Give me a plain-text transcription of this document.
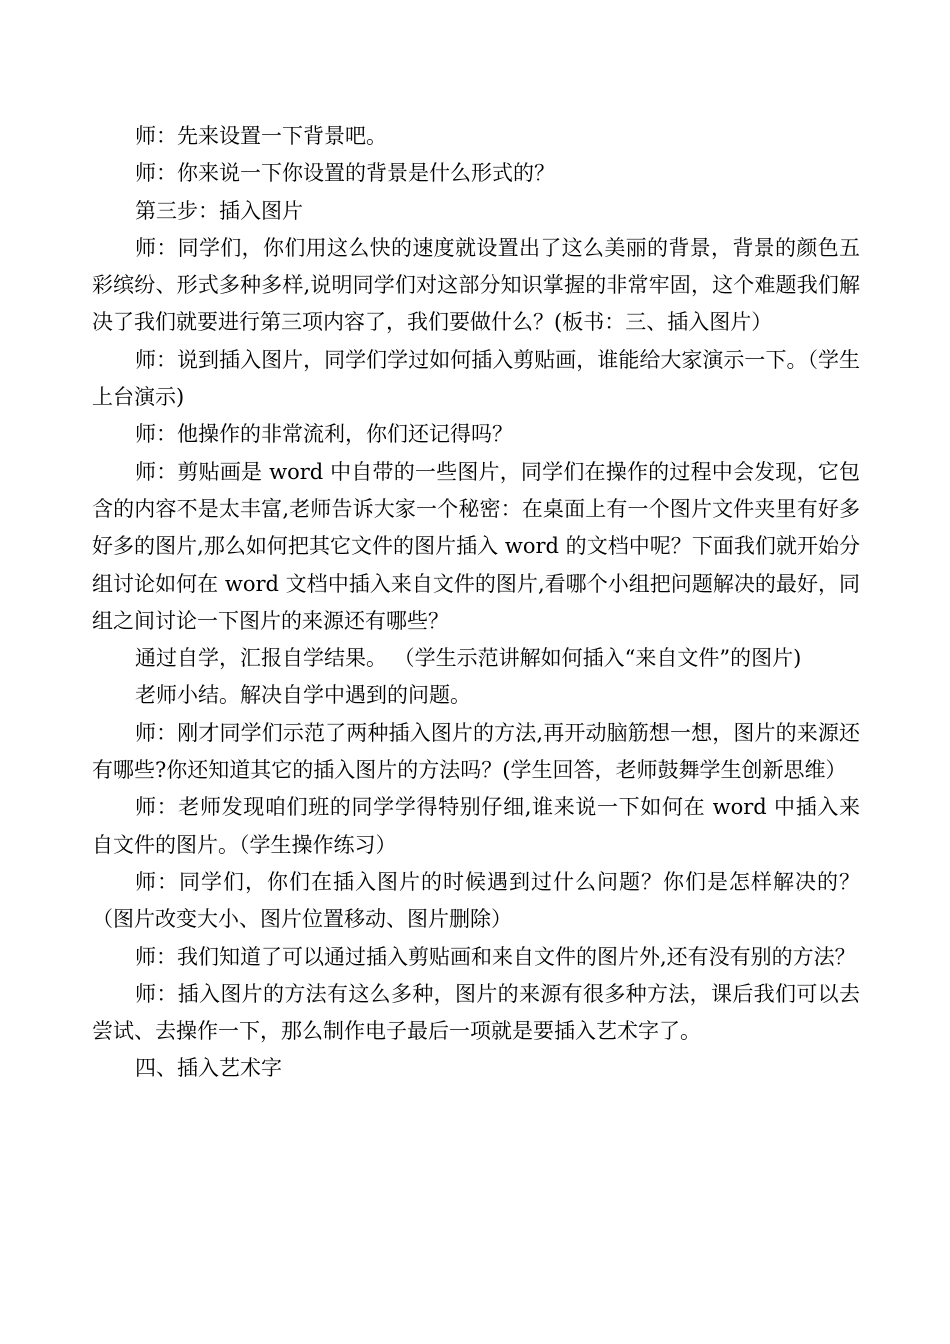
师：先来设置一下背景吧。

师：你来说一下你设置的背景是什么形式的？

第三步：插入图片

师：同学们，你们用这么快的速度就设置出了这么美丽的背景，背景的颜色五彩缤纷、形式多种多样,说明同学们对这部分知识掌握的非常牢固，这个难题我们解决了我们就要进行第三项内容了，我们要做什么？(板书：三、插入图片）

师：说到插入图片，同学们学过如何插入剪贴画，谁能给大家演示一下。（学生上台演示)

师：他操作的非常流利，你们还记得吗？

师：剪贴画是 word 中自带的一些图片，同学们在操作的过程中会发现，它包含的内容不是太丰富,老师告诉大家一个秘密：在桌面上有一个图片文件夹里有好多好多的图片,那么如何把其它文件的图片插入 word 的文档中呢？下面我们就开始分组讨论如何在 word 文档中插入来自文件的图片,看哪个小组把问题解决的最好，同组之间讨论一下图片的来源还有哪些？

通过自学，汇报自学结果。 （学生示范讲解如何插入“来自文件”的图片)

老师小结。解决自学中遇到的问题。

师：刚才同学们示范了两种插入图片的方法,再开动脑筋想一想，图片的来源还有哪些?你还知道其它的插入图片的方法吗？(学生回答，老师鼓舞学生创新思维）

师：老师发现咱们班的同学学得特别仔细,谁来说一下如何在 word 中插入来自文件的图片。（学生操作练习）

师：同学们，你们在插入图片的时候遇到过什么问题？你们是怎样解决的？（图片改变大小、图片位置移动、图片删除）

师：我们知道了可以通过插入剪贴画和来自文件的图片外,还有没有别的方法？

师：插入图片的方法有这么多种，图片的来源有很多种方法，课后我们可以去尝试、去操作一下，那么制作电子最后一项就是要插入艺术字了。

四、插入艺术字
